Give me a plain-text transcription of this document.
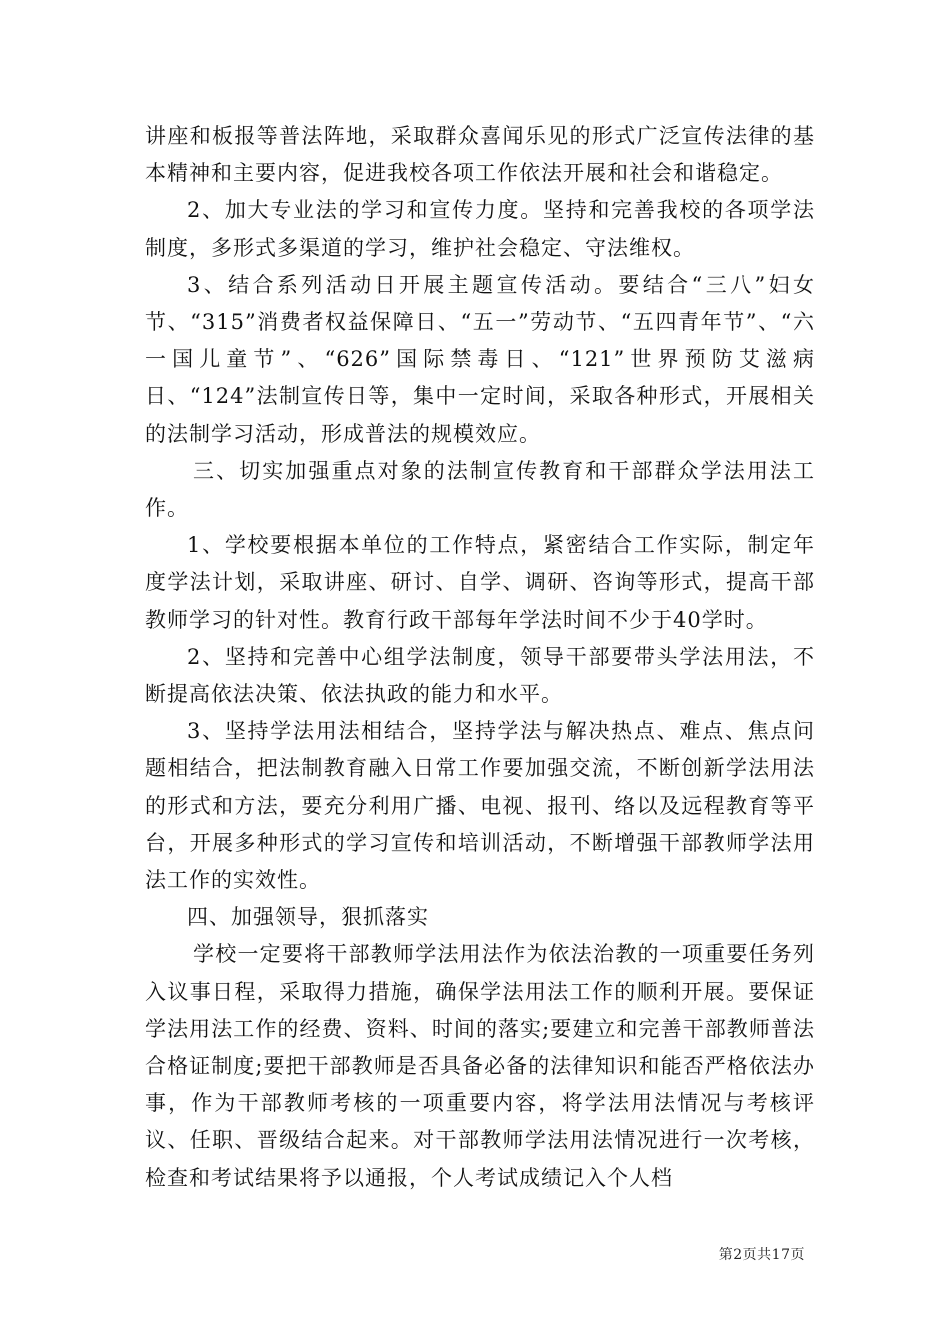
讲座和板报等普法阵地，采取群众喜闻乐见的形式广泛宣传法律的基本精神和主要内容，促进我校各项工作依法开展和社会和谐稳定。

2、加大专业法的学习和宣传力度。坚持和完善我校的各项学法制度，多形式多渠道的学习，维护社会稳定、守法维权。

3、结合系列活动日开展主题宣传活动。要结合“三八”妇女节、“315”消费者权益保障日、“五一”劳动节、“五四青年节”、“六一国儿童节”、“626”国际禁毒日、“121”世界预防艾滋病日、“124”法制宣传日等，集中一定时间，采取各种形式，开展相关的法制学习活动，形成普法的规模效应。

三、切实加强重点对象的法制宣传教育和干部群众学法用法工作。

1、学校要根据本单位的工作特点，紧密结合工作实际，制定年度学法计划，采取讲座、研讨、自学、调研、咨询等形式，提高干部教师学习的针对性。教育行政干部每年学法时间不少于40学时。

2、坚持和完善中心组学法制度，领导干部要带头学法用法，不断提高依法决策、依法执政的能力和水平。

3、坚持学法用法相结合，坚持学法与解决热点、难点、焦点问题相结合，把法制教育融入日常工作要加强交流，不断创新学法用法的形式和方法，要充分利用广播、电视、报刊、络以及远程教育等平台，开展多种形式的学习宣传和培训活动，不断增强干部教师学法用法工作的实效性。

四、加强领导，狠抓落实

学校一定要将干部教师学法用法作为依法治教的一项重要任务列入议事日程，采取得力措施，确保学法用法工作的顺利开展。要保证学法用法工作的经费、资料、时间的落实;要建立和完善干部教师普法合格证制度;要把干部教师是否具备必备的法律知识和能否严格依法办事，作为干部教师考核的一项重要内容，将学法用法情况与考核评议、任职、晋级结合起来。对干部教师学法用法情况进行一次考核，检查和考试结果将予以通报，个人考试成绩记入个人档

第2页共17页
